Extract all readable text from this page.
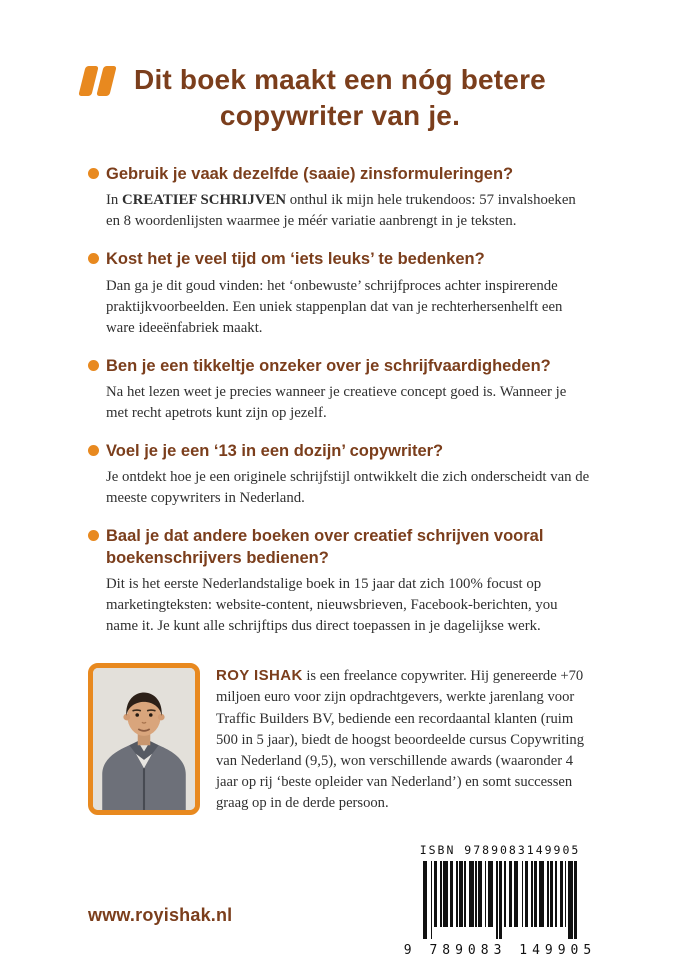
Dit boek maakt een nóg betere
copywriter van je.
Gebruik je vaak dezelfde (saaie) zinsformuleringen?

In CREATIEF SCHRIJVEN onthul ik mijn hele trukendoos: 57 invalshoeken en 8 woordenlijsten waarmee je méér variatie aanbrengt in je teksten.

Kost het je veel tijd om ‘iets leuks’ te bedenken?

Dan ga je dit goud vinden: het ‘onbewuste’ schrijfproces achter inspirerende praktijkvoorbeelden. Een uniek stappenplan dat van je rechterhersenhelft een ware ideeënfabriek maakt.

Ben je een tikkeltje onzeker over je schrijfvaardigheden?

Na het lezen weet je precies wanneer je creatieve concept goed is. Wanneer je met recht apetrots kunt zijn op jezelf.

Voel je je een ‘13 in een dozijn’ copywriter?

Je ontdekt hoe je een originele schrijfstijl ontwikkelt die zich onderscheidt van de meeste copywriters in Nederland.

Baal je dat andere boeken over creatief schrijven vooral boekenschrijvers bedienen?

Dit is het eerste Nederlandstalige boek in 15 jaar dat zich 100% focust op marketingteksten: website-content, nieuwsbrieven, Facebook-berichten, you name it. Je kunt alle schrijftips dus direct toepassen in je dagelijkse werk.

ROY ISHAK is een freelance copywriter. Hij genereerde +70 miljoen euro voor zijn opdrachtgevers, werkte jarenlang voor Traffic Builders BV, bediende een recordaantal klanten (ruim 500 in 5 jaar), biedt de hoogst beoordeelde cursus Copywriting van Nederland (9,5), won verschillende awards (waaronder 4 jaar op rij ‘beste opleider van Nederland’) en somt successen graag op in de derde persoon.

www.royishak.nl
ISBN 9789083149905
9 789083 149905
